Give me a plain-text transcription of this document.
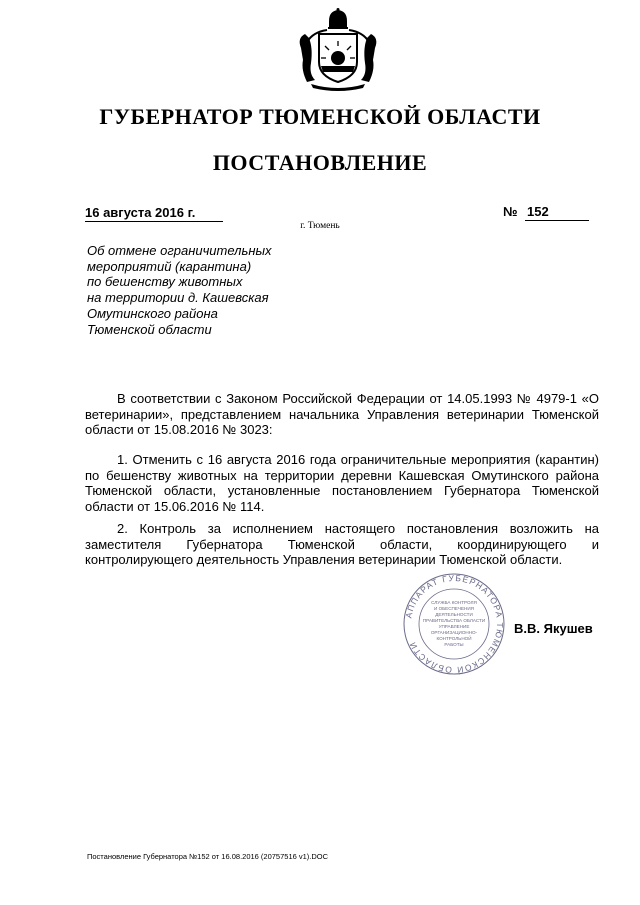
ГУБЕРНАТОР ТЮМЕНСКОЙ ОБЛАСТИ
ПОСТАНОВЛЕНИЕ
16 августа 2016 г.	№ 152
г. Тюмень
Об отмене ограничительных
мероприятий (карантина)
по бешенству животных
на территории д. Кашевская
Омутинского района
Тюменской области

В соответствии с Законом Российской Федерации от 14.05.1993 № 4979-1 «О ветеринарии», представлением начальника Управления ветеринарии Тюменской области от 15.08.2016 № 3023:

1. Отменить с 16 августа 2016 года ограничительные мероприятия (карантин) по бешенству животных на территории деревни Кашевская Омутинского района Тюменской области, установленные постановлением Губернатора Тюменской области от 15.06.2016 № 114.

2. Контроль за исполнением настоящего постановления возложить на заместителя Губернатора Тюменской области, координирующего и контролирующего деятельность Управления ветеринарии Тюменской области.

АППАРАТ ГУБЕРНАТОРА ТЮМЕНСКОЙ ОБЛАСТИ
СЛУЖБА КОНТРОЛЯ
И ОБЕСПЕЧЕНИЯ
ДЕЯТЕЛЬНОСТИ
ПРАВИТЕЛЬСТВА ОБЛАСТИ
УПРАВЛЕНИЕ
ОРГАНИЗАЦИОННО-
КОНТРОЛЬНОЙ
РАБОТЫ
В.В. Якушев
Постановление Губернатора №152 от 16.08.2016 (20757516 v1).DOC
